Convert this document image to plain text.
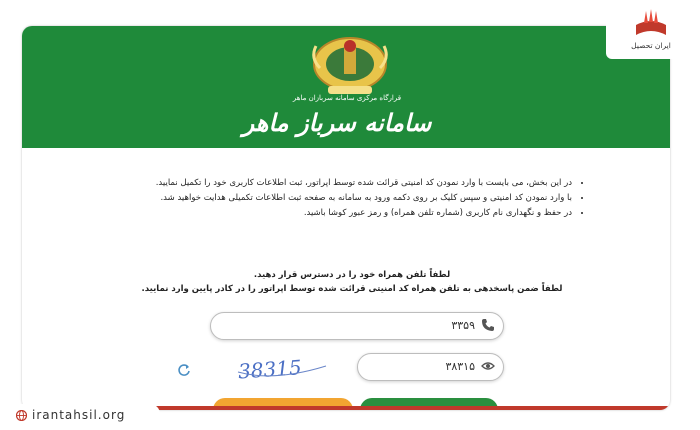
قرارگاه مرکزی سامانه سربازان ماهر
سامانه سرباز ماهر
• در این بخش، می بایست با وارد نمودن کد امنیتی قرائت شده توسط اپراتور، ثبت اطلاعات کاربری خود را تکمیل نمایید.
• با وارد نمودن کد امنیتی و سپس کلیک بر روی دکمه ورود به سامانه به صفحه ثبت اطلاعات تکمیلی هدایت خواهید شد.
• در حفظ و نگهداری نام کاربری (شماره تلفن همراه) و رمز عبور کوشا باشید.
لطفاً تلفن همراه خود را در دسترس قرار دهید.
لطفاً ضمن پاسخدهی به تلفن همراه کد امنیتی قرائت شده توسط اپراتور را در کادر پایین وارد نمایید.
۳۳۵۹
38315	۳۸۳۱۵
ایران تحصیل
irantahsil.org
